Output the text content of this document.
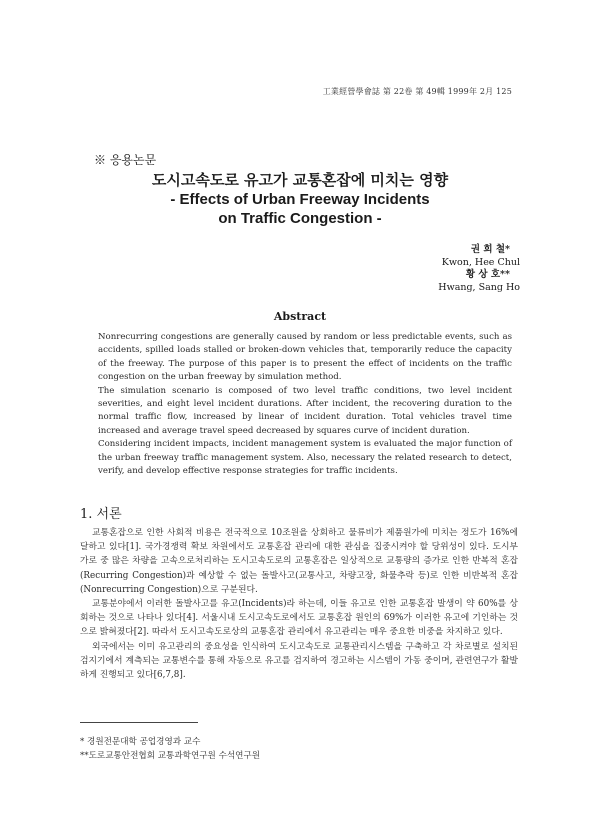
工業經營學會誌 第 22卷 第 49輯 1999年 2月 125
※ 응용논문
도시고속도로 유고가 교통혼잡에 미치는 영향
- Effects of Urban Freeway Incidents
on Traffic Congestion -
권 희 철*
Kwon, Hee Chul
황 상 호**
Hwang, Sang Ho
Abstract

Nonrecurring congestions are generally caused by random or less predictable events, such as accidents, spilled loads stalled or broken-down vehicles that, temporarily reduce the capacity of the freeway. The purpose of this paper is to present the effect of incidents on the traffic congestion on the urban freeway by simulation method.

The simulation scenario is composed of two level traffic conditions, two level incident severities, and eight level incident durations. After incident, the recovering duration to the normal traffic flow, increased by linear of incident duration. Total vehicles travel time increased and average travel speed decreased by squares curve of incident duration.

Considering incident impacts, incident management system is evaluated the major function of the urban freeway traffic management system. Also, necessary the related research to detect, verify, and develop effective response strategies for traffic incidents.

1. 서론

교통혼잡으로 인한 사회적 비용은 전국적으로 10조원을 상회하고 물류비가 제품원가에 미치는 정도가 16%에 달하고 있다[1]. 국가경쟁력 확보 차원에서도 교통혼잡 관리에 대한 관심을 집중시켜야 할 당위성이 있다. 도시부 가로 중 많은 차량을 고속으로처리하는 도시고속도로의 교통혼잡은 일상적으로 교통량의 증가로 인한 반복적 혼잡(Recurring Congestion)과 예상할 수 없는 돌발사고(교통사고, 차량고장, 화물추락 등)로 인한 비반복적 혼잡(Nonrecurring Congestion)으로 구분된다.

교통분야에서 이러한 돌발사고를 유고(Incidents)라 하는데, 이들 유고로 인한 교통혼잡 발생이 약 60%를 상회하는 것으로 나타나 있다[4]. 서울시내 도시고속도로에서도 교통혼잡 원인의 69%가 이러한 유고에 기인하는 것으로 밝혀졌다[2]. 따라서 도시고속도로상의 교통혼잡 관리에서 유고관리는 매우 중요한 비중을 차지하고 있다.

외국에서는 이미 유고관리의 중요성을 인식하여 도시고속도로 교통관리시스템을 구축하고 각 차로별로 설치된 검지기에서 계측되는 교통변수를 통해 자동으로 유고를 검지하여 경고하는 시스템이 가동 중이며, 관련연구가 활발하게 진행되고 있다[6,7,8].

* 경원전문대학 공업경영과 교수
**도로교통안전협회 교통과학연구원 수석연구원
